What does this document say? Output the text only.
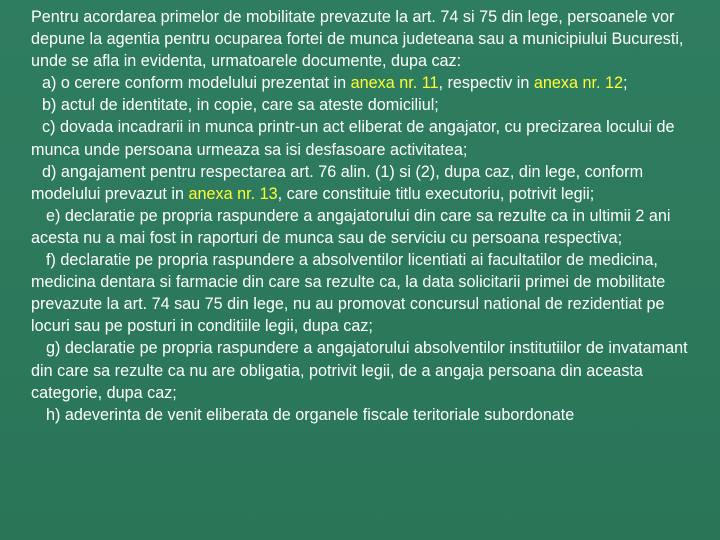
Pentru acordarea primelor de mobilitate prevazute la art. 74 si 75 din lege, persoanele vor depune la agentia pentru ocuparea fortei de munca judeteana sau a municipiului Bucuresti, unde se afla in evidenta, urmatoarele documente, dupa caz:

a) o cerere conform modelului prezentat in anexa nr. 11, respectiv in anexa nr. 12;

b) actul de identitate, in copie, care sa ateste domiciliul;

c) dovada incadrarii in munca printr-un act eliberat de angajator, cu precizarea locului de munca unde persoana urmeaza sa isi desfasoare activitatea;

d) angajament pentru respectarea art. 76 alin. (1) si (2), dupa caz, din lege, conform modelului prevazut in anexa nr. 13, care constituie titlu executoriu, potrivit legii;

e) declaratie pe propria raspundere a angajatorului din care sa rezulte ca in ultimii 2 ani acesta nu a mai fost in raporturi de munca sau de serviciu cu persoana respectiva;

f) declaratie pe propria raspundere a absolventilor licentiati ai facultatilor de medicina, medicina dentara si farmacie din care sa rezulte ca, la data solicitarii primei de mobilitate prevazute la art. 74 sau 75 din lege, nu au promovat concursul national de rezidentiat pe locuri sau pe posturi in conditiile legii, dupa caz;

g) declaratie pe propria raspundere a angajatorului absolventilor institutiilor de invatamant din care sa rezulte ca nu are obligatia, potrivit legii, de a angaja persoana din aceasta categorie, dupa caz;

h) adeverinta de venit eliberata de organele fiscale teritoriale subordonate
